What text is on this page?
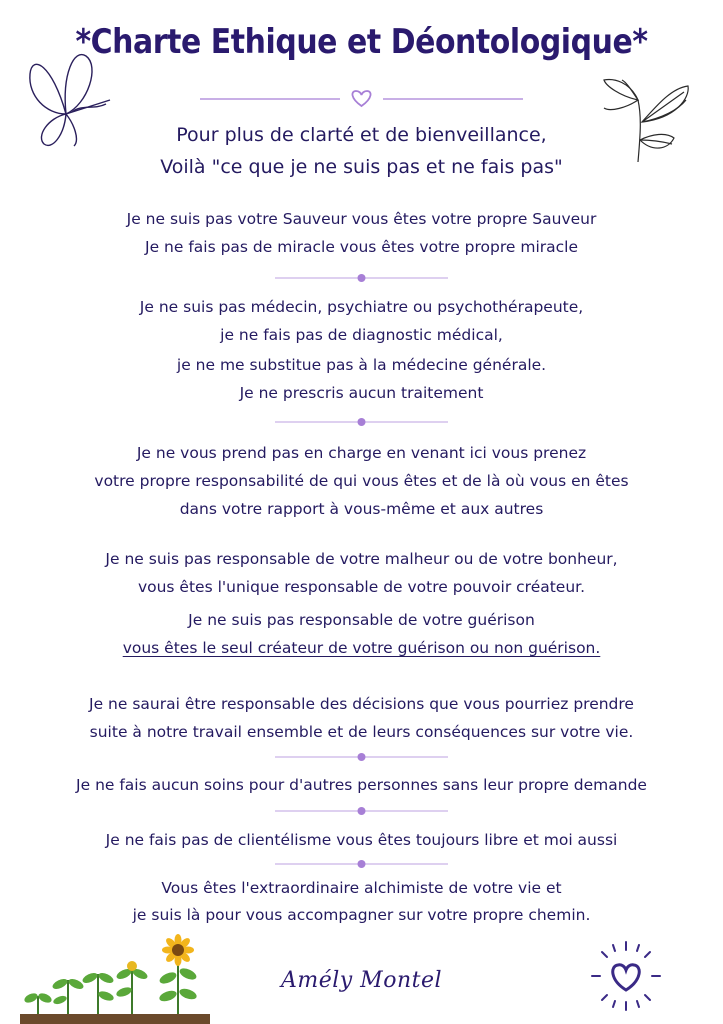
*Charte Ethique et Déontologique*
Pour plus de clarté et de bienveillance,
Voilà "ce que je ne suis pas et ne fais pas"
Je ne suis pas votre Sauveur vous êtes votre propre Sauveur
Je ne fais pas de miracle vous êtes votre propre miracle
Je ne suis pas médecin, psychiatre ou psychothérapeute,
je ne fais pas de diagnostic médical,
je ne me substitue pas à la médecine générale.
Je ne prescris aucun traitement
Je ne vous prend pas en charge en venant ici vous prenez
votre propre responsabilité de qui vous êtes et de là où vous en êtes
dans votre rapport à vous-même et aux autres
Je ne suis pas responsable de votre malheur ou de votre bonheur,
vous êtes l'unique responsable de votre pouvoir créateur.
Je ne suis pas responsable de votre guérison
vous êtes le seul créateur de votre guérison ou non guérison.
Je ne saurai être responsable des décisions que vous pourriez prendre
suite à notre travail ensemble et de leurs conséquences sur votre vie.
Je ne fais aucun soins pour d'autres personnes sans leur propre demande
Je ne fais pas de clientélisme vous êtes toujours libre et moi aussi
Vous êtes l'extraordinaire alchimiste de votre vie et
je suis là pour vous accompagner sur votre propre chemin.
Amély Montel
